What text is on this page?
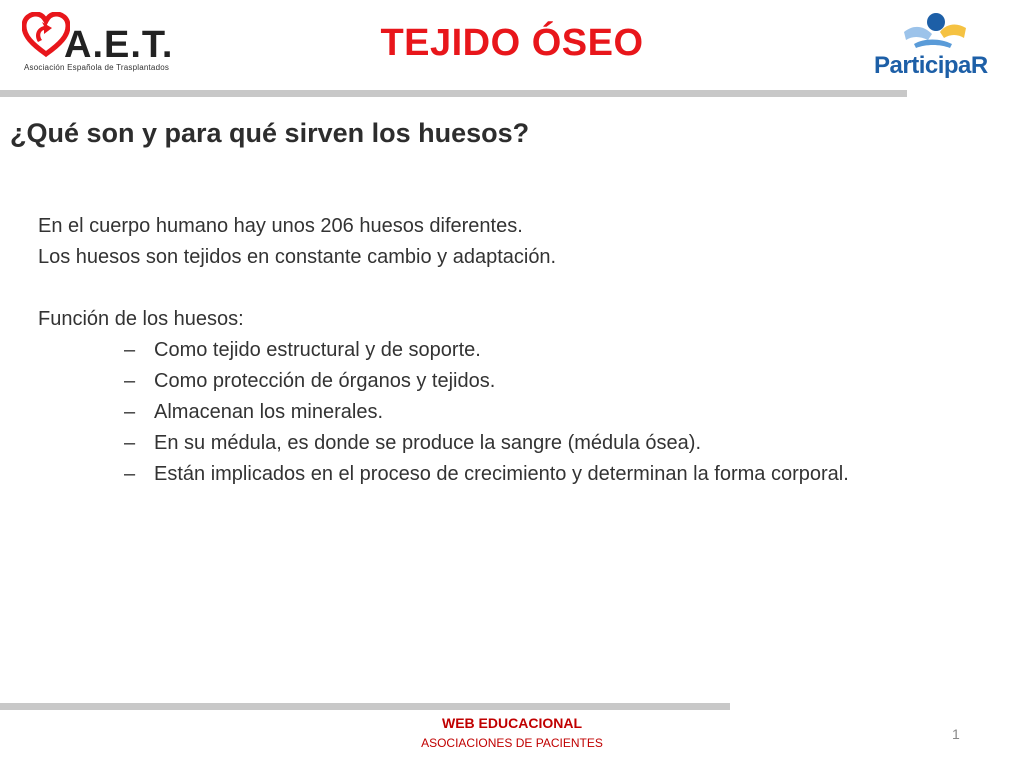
A.E.T.
Asociación Española de Trasplantados
TEJIDO ÓSEO
ParticipaR
¿Qué son y para qué sirven los huesos?

En el cuerpo humano hay unos 206 huesos diferentes.

Los huesos son tejidos en constante cambio y adaptación.

Función de los huesos:

– Como tejido estructural y de soporte.
– Como protección de órganos y tejidos.
– Almacenan los minerales.
– En su médula, es donde se produce la sangre (médula ósea).
– Están implicados en el proceso de crecimiento y determinan la forma corporal.
WEB EDUCACIONAL
ASOCIACIONES DE PACIENTES
1
